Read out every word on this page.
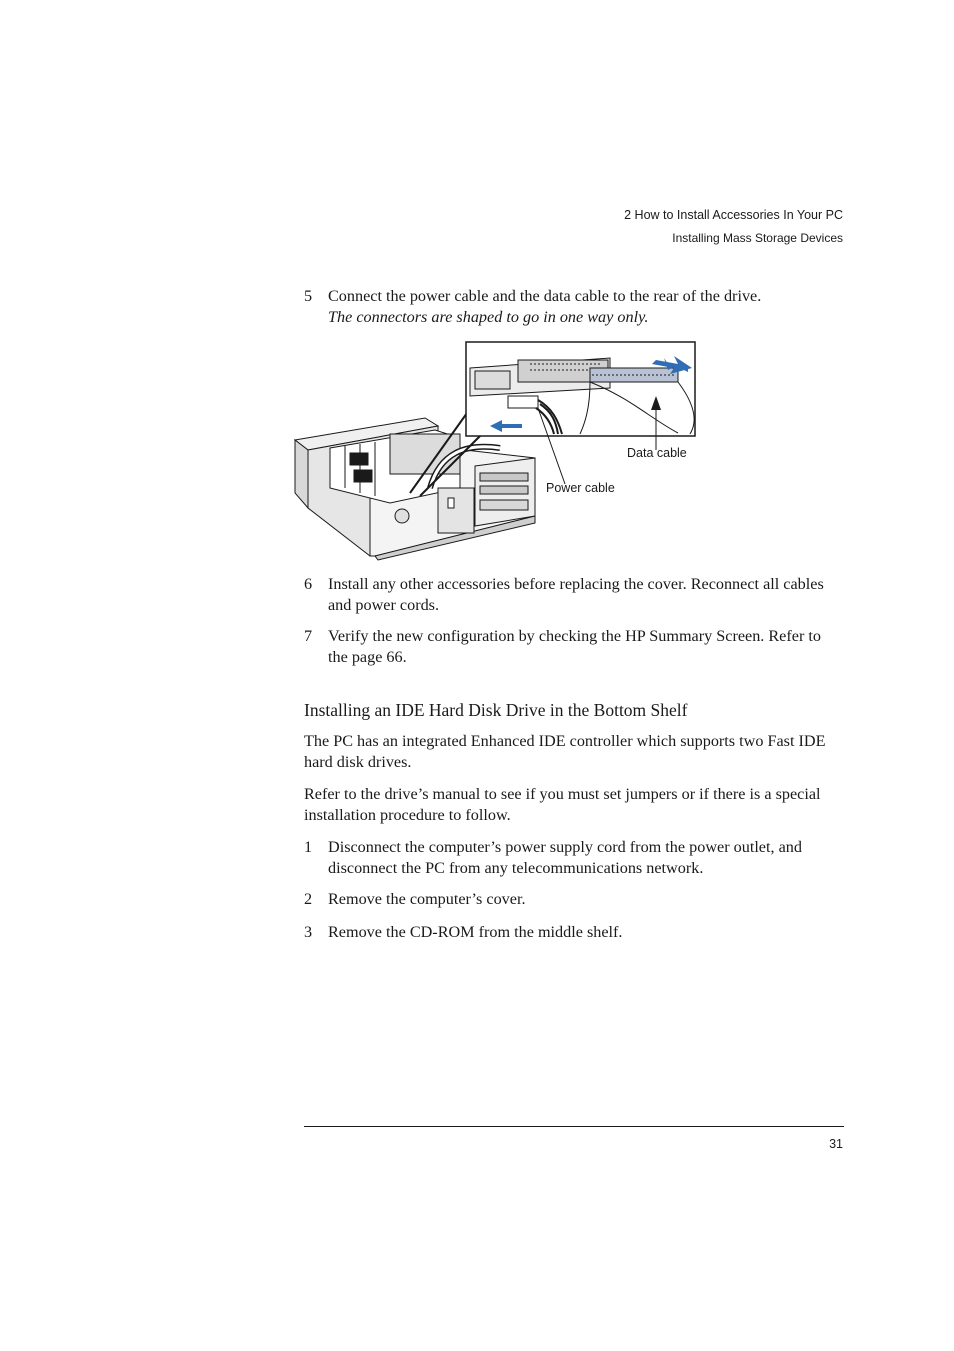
2 How to Install Accessories In Your PC
Installing Mass Storage Devices
5 Connect the power cable and the data cable to the rear of the drive.
The connectors are shaped to go in one way only.
Data cable
Power cable
6 Install any other accessories before replacing the cover. Reconnect all cables and power cords.
7 Verify the new configuration by checking the HP Summary Screen. Refer to the page 66.
Installing an IDE Hard Disk Drive in the Bottom Shelf
The PC has an integrated Enhanced IDE controller which supports two Fast IDE hard disk drives.
Refer to the drive’s manual to see if you must set jumpers or if there is a special installation procedure to follow.
1 Disconnect the computer’s power supply cord from the power outlet, and disconnect the PC from any telecommunications network.
2 Remove the computer’s cover.
3 Remove the CD-ROM from the middle shelf.
31
